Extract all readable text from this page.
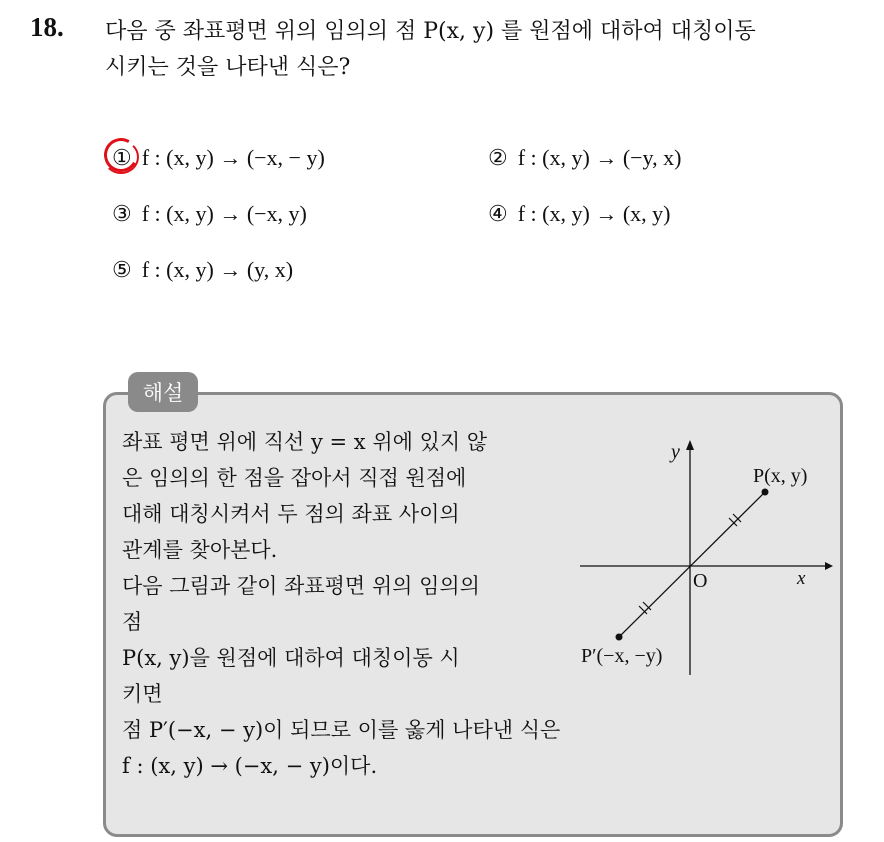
18. 다음 중 좌표평면 위의 임의의 점 P(x, y) 를 원점에 대하여 대칭이동
시키는 것을 나타낸 식은?
① f : (x, y) → (−x, − y)	② f : (x, y) → (−y, x)
③ f : (x, y) → (−x, y)	④ f : (x, y) → (x, y)
⑤ f : (x, y) → (y, x)
해설
좌표 평면 위에 직선 y = x 위에 있지 않
은 임의의 한 점을 잡아서 직접 원점에
대해 대칭시켜서 두 점의 좌표 사이의
관계를 찾아본다.
다음 그림과 같이 좌표평면 위의 임의의
점
P(x, y)을 원점에 대하여 대칭이동 시
키면
점 P′(−x, − y)이 되므로 이를 옳게 나타낸 식은
f : (x, y) → (−x, − y)이다.
y
x
O
P(x, y)
P′(−x, −y)
